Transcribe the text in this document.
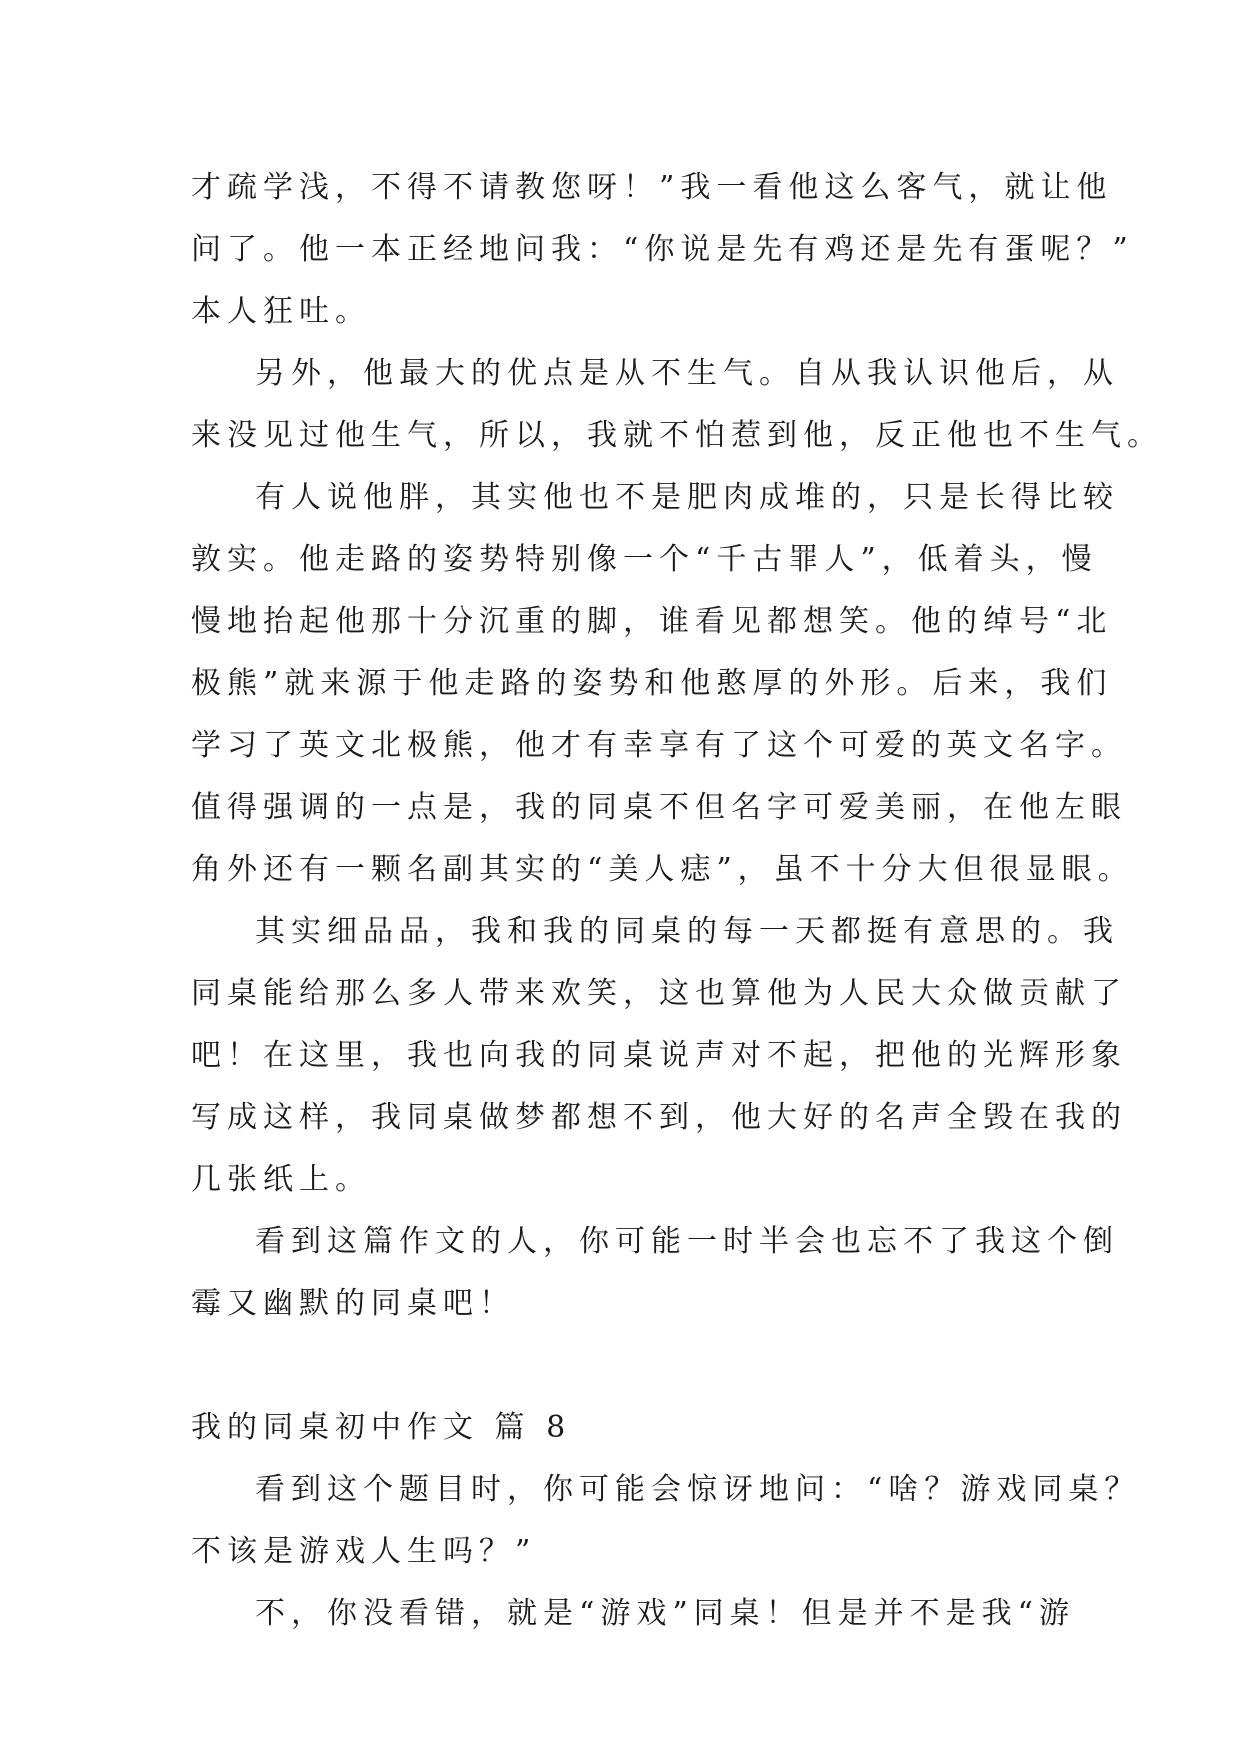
才疏学浅，不得不请教您呀！”我一看他这么客气，就让他
问了。他一本正经地问我：“你说是先有鸡还是先有蛋呢？”
本人狂吐。
另外，他最大的优点是从不生气。自从我认识他后，从
来没见过他生气，所以，我就不怕惹到他，反正他也不生气。
有人说他胖，其实他也不是肥肉成堆的，只是长得比较
敦实。他走路的姿势特别像一个“千古罪人”，低着头，慢
慢地抬起他那十分沉重的脚，谁看见都想笑。他的绰号“北
极熊”就来源于他走路的姿势和他憨厚的外形。后来，我们
学习了英文北极熊，他才有幸享有了这个可爱的英文名字。
值得强调的一点是，我的同桌不但名字可爱美丽，在他左眼
角外还有一颗名副其实的“美人痣”，虽不十分大但很显眼。
其实细品品，我和我的同桌的每一天都挺有意思的。我
同桌能给那么多人带来欢笑，这也算他为人民大众做贡献了
吧！在这里，我也向我的同桌说声对不起，把他的光辉形象
写成这样，我同桌做梦都想不到，他大好的名声全毁在我的
几张纸上。
看到这篇作文的人，你可能一时半会也忘不了我这个倒
霉又幽默的同桌吧！
我的同桌初中作文 篇 8
看到这个题目时，你可能会惊讶地问：“啥？游戏同桌？
不该是游戏人生吗？”
不，你没看错，就是“游戏”同桌！但是并不是我“游
